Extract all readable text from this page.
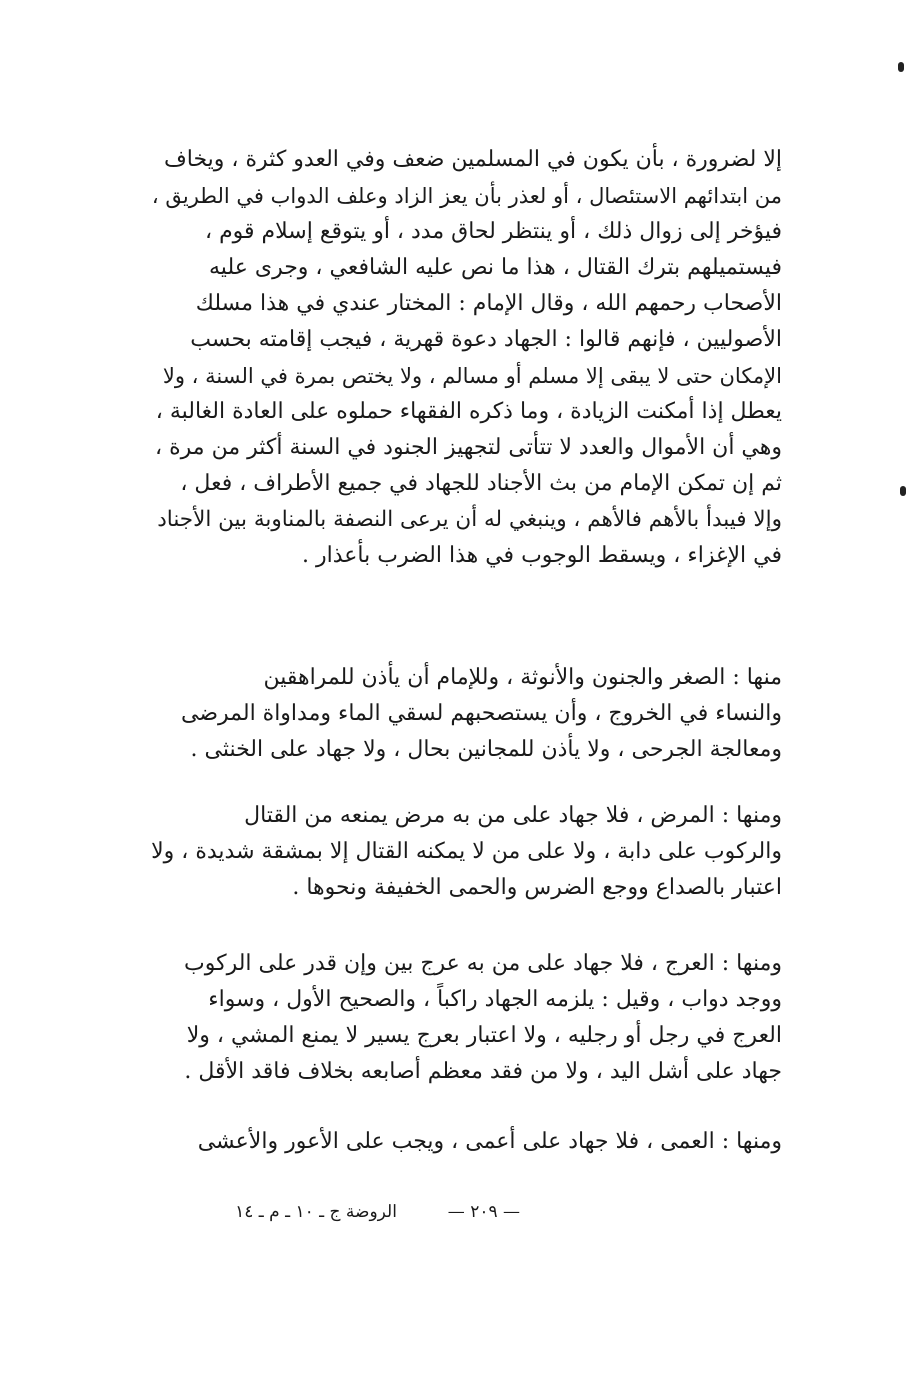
إلا لضرورة ، بأن يكون في المسلمين ضعف وفي العدو كثرة ، ويخاف
من ابتدائهم الاستئصال ، أو لعذر بأن يعز الزاد وعلف الدواب في الطريق ،
فيؤخر إلى زوال ذلك ، أو ينتظر لحاق مدد ، أو يتوقع إسلام قوم ،
فيستميلهم بترك القتال ، هذا ما نص عليه الشافعي ، وجرى عليه
الأصحاب رحمهم الله ، وقال الإمام : المختار عندي في هذا مسلك
الأصوليين ، فإنهم قالوا : الجهاد دعوة قهرية ، فيجب إقامته بحسب
الإمكان حتى لا يبقى إلا مسلم أو مسالم ، ولا يختص بمرة في السنة ، ولا
يعطل إذا أمكنت الزيادة ، وما ذكره الفقهاء حملوه على العادة الغالبة ،
وهي أن الأموال والعدد لا تتأتى لتجهيز الجنود في السنة أكثر من مرة ،
ثم إن تمكن الإمام من بث الأجناد للجهاد في جميع الأطراف ، فعل ،
وإلا فيبدأ بالأهم فالأهم ، وينبغي له أن يرعى النصفة بالمناوبة بين الأجناد
في الإغزاء ، ويسقط الوجوب في هذا الضرب بأعذار .
منها : الصغر والجنون والأنوثة ، وللإمام أن يأذن للمراهقين
والنساء في الخروج ، وأن يستصحبهم لسقي الماء ومداواة المرضى
ومعالجة الجرحى ، ولا يأذن للمجانين بحال ، ولا جهاد على الخنثى .
ومنها : المرض ، فلا جهاد على من به مرض يمنعه من القتال
والركوب على دابة ، ولا على من لا يمكنه القتال إلا بمشقة شديدة ، ولا
اعتبار بالصداع ووجع الضرس والحمى الخفيفة ونحوها .
ومنها : العرج ، فلا جهاد على من به عرج بين وإن قدر على الركوب
ووجد دواب ، وقيل : يلزمه الجهاد راكباً ، والصحيح الأول ، وسواء
العرج في رجل أو رجليه ، ولا اعتبار بعرج يسير لا يمنع المشي ، ولا
جهاد على أشل اليد ، ولا من فقد معظم أصابعه بخلاف فاقد الأقل .
ومنها : العمى ، فلا جهاد على أعمى ، ويجب على الأعور والأعشى
— ٢٠٩ —  الروضة ج ـ ١٠ ـ م ـ ١٤
